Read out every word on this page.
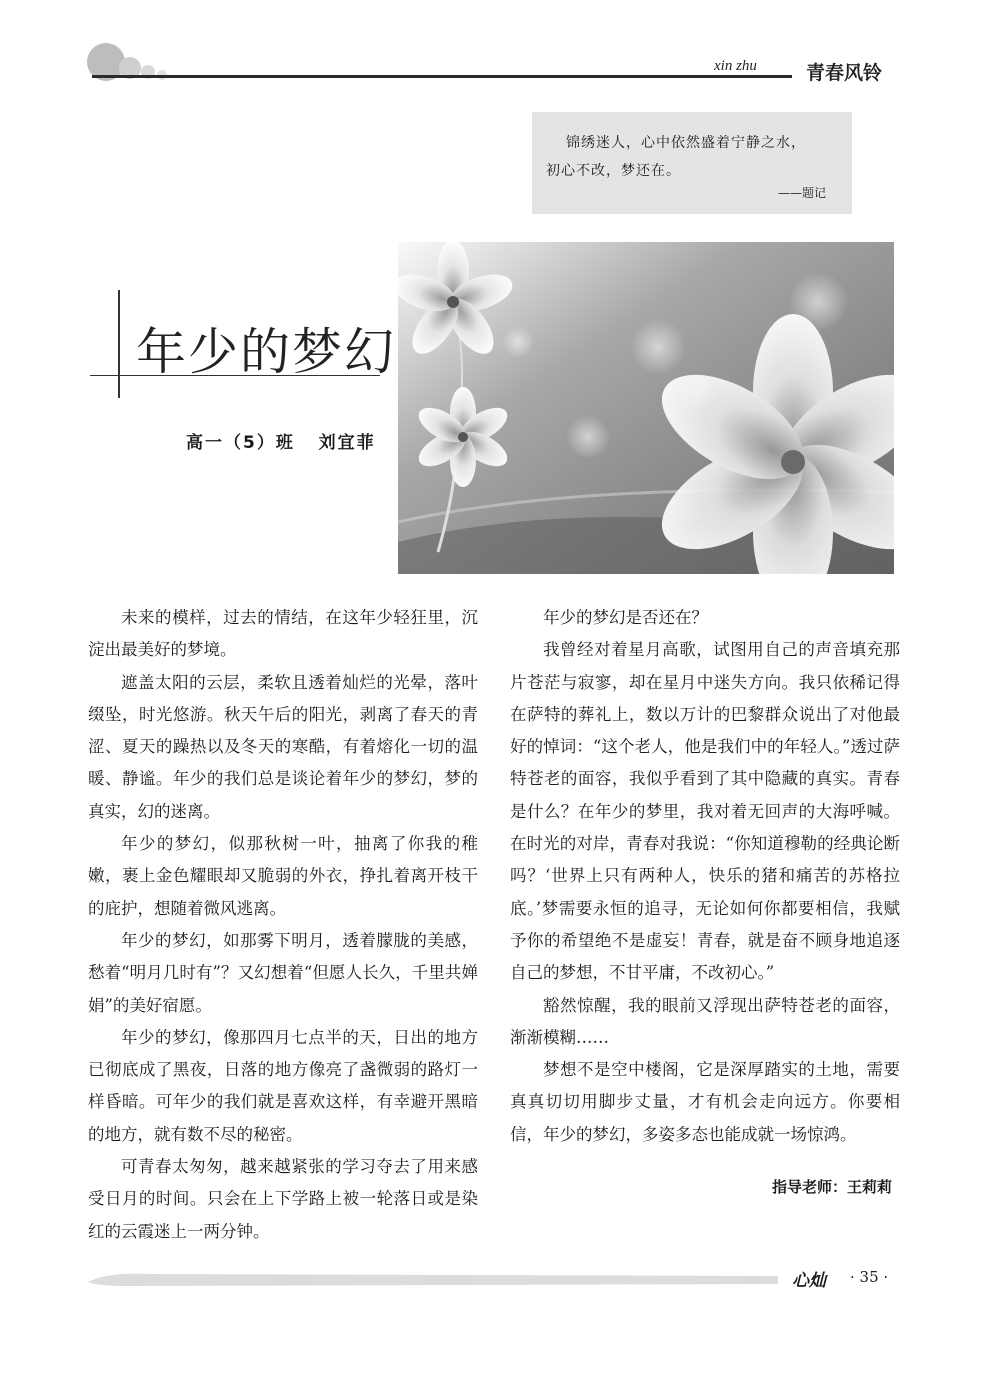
xin zhu	青春风铃
锦绣迷人，心中依然盛着宁静之水，
初心不改，梦还在。
——题记
年少的梦幻
高一（5）班   刘宜菲

未来的模样，过去的情结，在这年少轻狂里，沉淀出最美好的梦境。

遮盖太阳的云层，柔软且透着灿烂的光晕，落叶缀坠，时光悠游。秋天午后的阳光，剥离了春天的青涩、夏天的躁热以及冬天的寒酷，有着熔化一切的温暖、静谧。年少的我们总是谈论着年少的梦幻，梦的真实，幻的迷离。

年少的梦幻，似那秋树一叶，抽离了你我的稚嫩，裹上金色耀眼却又脆弱的外衣，挣扎着离开枝干的庇护，想随着微风逃离。

年少的梦幻，如那雾下明月，透着朦胧的美感，愁着“明月几时有”？又幻想着“但愿人长久，千里共婵娟”的美好宿愿。

年少的梦幻，像那四月七点半的天，日出的地方已彻底成了黑夜，日落的地方像亮了盏微弱的路灯一样昏暗。可年少的我们就是喜欢这样，有幸避开黑暗的地方，就有数不尽的秘密。

可青春太匆匆，越来越紧张的学习夺去了用来感受日月的时间。只会在上下学路上被一轮落日或是染红的云霞迷上一两分钟。

年少的梦幻是否还在？

我曾经对着星月高歌，试图用自己的声音填充那片苍茫与寂寥，却在星月中迷失方向。我只依稀记得在萨特的葬礼上，数以万计的巴黎群众说出了对他最好的悼词：“这个老人，他是我们中的年轻人。”透过萨特苍老的面容，我似乎看到了其中隐藏的真实。青春是什么？在年少的梦里，我对着无回声的大海呼喊。在时光的对岸，青春对我说：“你知道穆勒的经典论断吗？‘世界上只有两种人，快乐的猪和痛苦的苏格拉底。’梦需要永恒的追寻，无论如何你都要相信，我赋予你的希望绝不是虚妄！青春，就是奋不顾身地追逐自己的梦想，不甘平庸，不改初心。”

豁然惊醒，我的眼前又浮现出萨特苍老的面容，渐渐模糊……

梦想不是空中楼阁，它是深厚踏实的土地，需要真真切切用脚步丈量，才有机会走向远方。你要相信，年少的梦幻，多姿多态也能成就一场惊鸿。

指导老师：王莉莉
心灿 · 35 ·
